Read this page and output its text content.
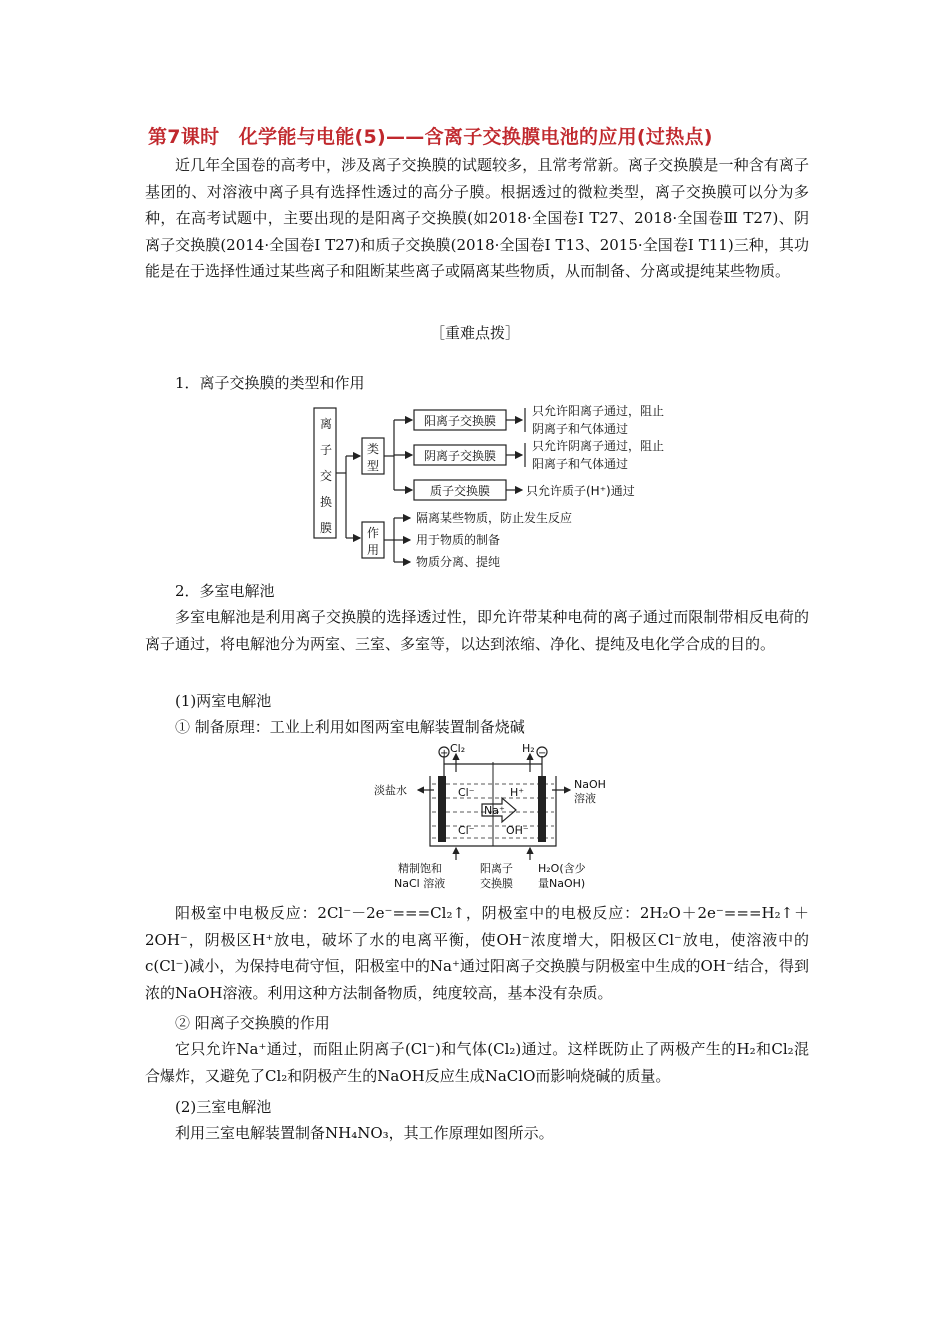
第7课时　化学能与电能(5)——含离子交换膜电池的应用(过热点)
近几年全国卷的高考中，涉及离子交换膜的试题较多，且常考常新。离子交换膜是一种含有离子基团的、对溶液中离子具有选择性透过的高分子膜。根据透过的微粒类型，离子交换膜可以分为多种，在高考试题中，主要出现的是阳离子交换膜(如2018·全国卷Ⅰ T27、2018·全国卷Ⅲ T27)、阴离子交换膜(2014·全国卷Ⅰ T27)和质子交换膜(2018·全国卷Ⅰ T13、2015·全国卷Ⅰ T11)三种，其功能是在于选择性通过某些离子和阻断某些离子或隔离某些物质，从而制备、分离或提纯某些物质。
［重难点拨］
1．离子交换膜的类型和作用
离
子
交
换
膜
类
型
作
用
阳离子交换膜
阴离子交换膜
质子交换膜
只允许阳离子通过，阻止
阴离子和气体通过
只允许阴离子通过，阻止
阳离子和气体通过
只允许质子(H⁺)通过
隔离某些物质，防止发生反应
用于物质的制备
物质分离、提纯
2．多室电解池
多室电解池是利用离子交换膜的选择透过性，即允许带某种电荷的离子通过而限制带相反电荷的离子通过，将电解池分为两室、三室、多室等，以达到浓缩、净化、提纯及电化学合成的目的。
(1)两室电解池
① 制备原理：工业上利用如图两室电解装置制备烧碱
Cl₂	H₂
+	−
淡盐水	NaOH
溶液
Cl⁻	H⁺
Na⁺
Cl⁻	OH⁻
精制饱和
NaCl 溶液
阳离子
交换膜
H₂O(含少
量NaOH)
阳极室中电极反应：2Cl⁻－2e⁻===Cl₂↑，阴极室中的电极反应：2H₂O＋2e⁻===H₂↑＋2OH⁻，阴极区H⁺放电，破坏了水的电离平衡，使OH⁻浓度增大，阳极区Cl⁻放电，使溶液中的c(Cl⁻)减小，为保持电荷守恒，阳极室中的Na⁺通过阳离子交换膜与阴极室中生成的OH⁻结合，得到浓的NaOH溶液。利用这种方法制备物质，纯度较高，基本没有杂质。
② 阳离子交换膜的作用
它只允许Na⁺通过，而阻止阴离子(Cl⁻)和气体(Cl₂)通过。这样既防止了两极产生的H₂和Cl₂混合爆炸，又避免了Cl₂和阴极产生的NaOH反应生成NaClO而影响烧碱的质量。
(2)三室电解池
利用三室电解装置制备NH₄NO₃，其工作原理如图所示。
